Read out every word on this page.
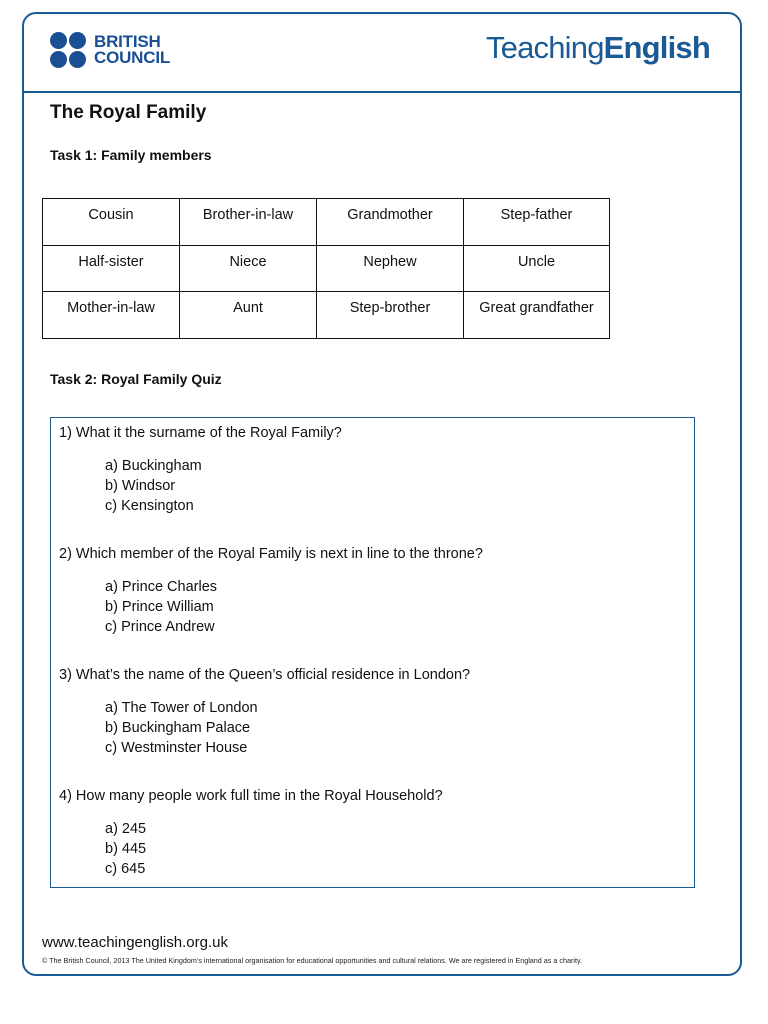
BRITISH
COUNCIL	TeachingEnglish
The Royal Family
Task 1: Family members
Cousin	Brother-in-law	Grandmother	Step-father
Half-sister	Niece	Nephew	Uncle
Mother-in-law	Aunt	Step-brother	Great grandfather
Task 2: Royal Family Quiz

1) What it the surname of the Royal Family?

a) Buckingham
b) Windsor
c) Kensington

2) Which member of the Royal Family is next in line to the throne?

a) Prince Charles
b) Prince William
c) Prince Andrew

3) What’s the name of the Queen’s official residence in London?

a) The Tower of London
b) Buckingham Palace
c) Westminster House

4) How many people work full time in the Royal Household?

a) 245
b) 445
c) 645
www.teachingenglish.org.uk
© The British Council, 2013 The United Kingdom’s international organisation for educational opportunities and cultural relations. We are registered in England as a charity.
